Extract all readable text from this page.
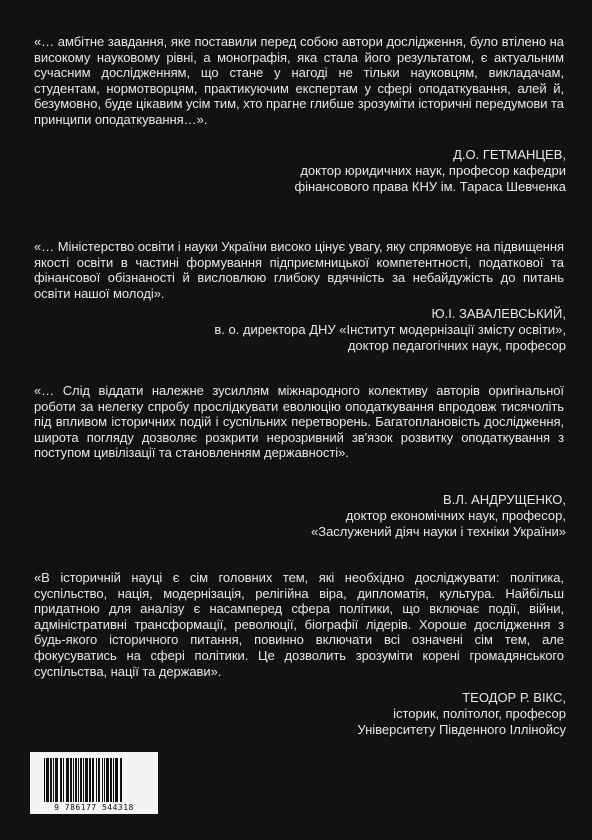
«… амбітне завдання, яке поставили перед собою автори дослідження, було втілено на високому науковому рівні, а монографія, яка стала його результатом, є актуальним сучасним дослідженням, що стане у нагоді не тільки науковцям, викладачам, студентам, нормотворцям, практикуючим експертам у сфері оподаткування, алей й, безумовно, буде цікавим усім тим, хто прагне глибше зрозуміти історичні передумови та принципи оподаткування…».

Д.О. ГЕТМАНЦЕВ,
доктор юридичних наук, професор кафедри
фінансового права КНУ ім. Тараса Шевченка

«… Міністерство освіти і науки України високо цінує увагу, яку спрямовує на підвищення якості освіти в частині формування підприємницької компетентності, податкової та фінансової обізнаності й висловлюю глибоку вдячність за небайдужість до питань освіти нашої молоді».

Ю.І. ЗАВАЛЕВСЬКИЙ,
в. о. директора ДНУ «Інститут модернізації змісту освіти»,
доктор педагогічних наук, професор

«… Слід віддати належне зусиллям міжнародного колективу авторів оригінальної роботи за нелегку спробу прослідкувати еволюцію оподаткування впродовж тисячоліть під впливом історичних подій і суспільних перетворень. Багатоплановість дослідження, широта погляду дозволяє розкрити нерозривний зв'язок розвитку оподаткування з поступом цивілізації та становленням державності».

В.Л. АНДРУЩЕНКО,
доктор економічних наук, професор,
«Заслужений діяч науки і техніки України»

«В історичній науці є сім головних тем, які необхідно досліджувати: політика, суспільство, нація, модернізація, релігійна віра, дипломатія, культура. Найбільш придатною для аналізу є насамперед сфера політики, що включає події, війни, адміністративні трансформації, революції, біографії лідерів. Хороше дослідження з будь-якого історичного питання, повинно включати всі означені сім тем, але фокусуватись на сфері політики. Це дозволить зрозуміти корені громадянського суспільства, нації та держави».

ТЕОДОР Р. ВІКС,
історик, політолог, професор
Університету Південного Іллінойсу
9 786177 544318
